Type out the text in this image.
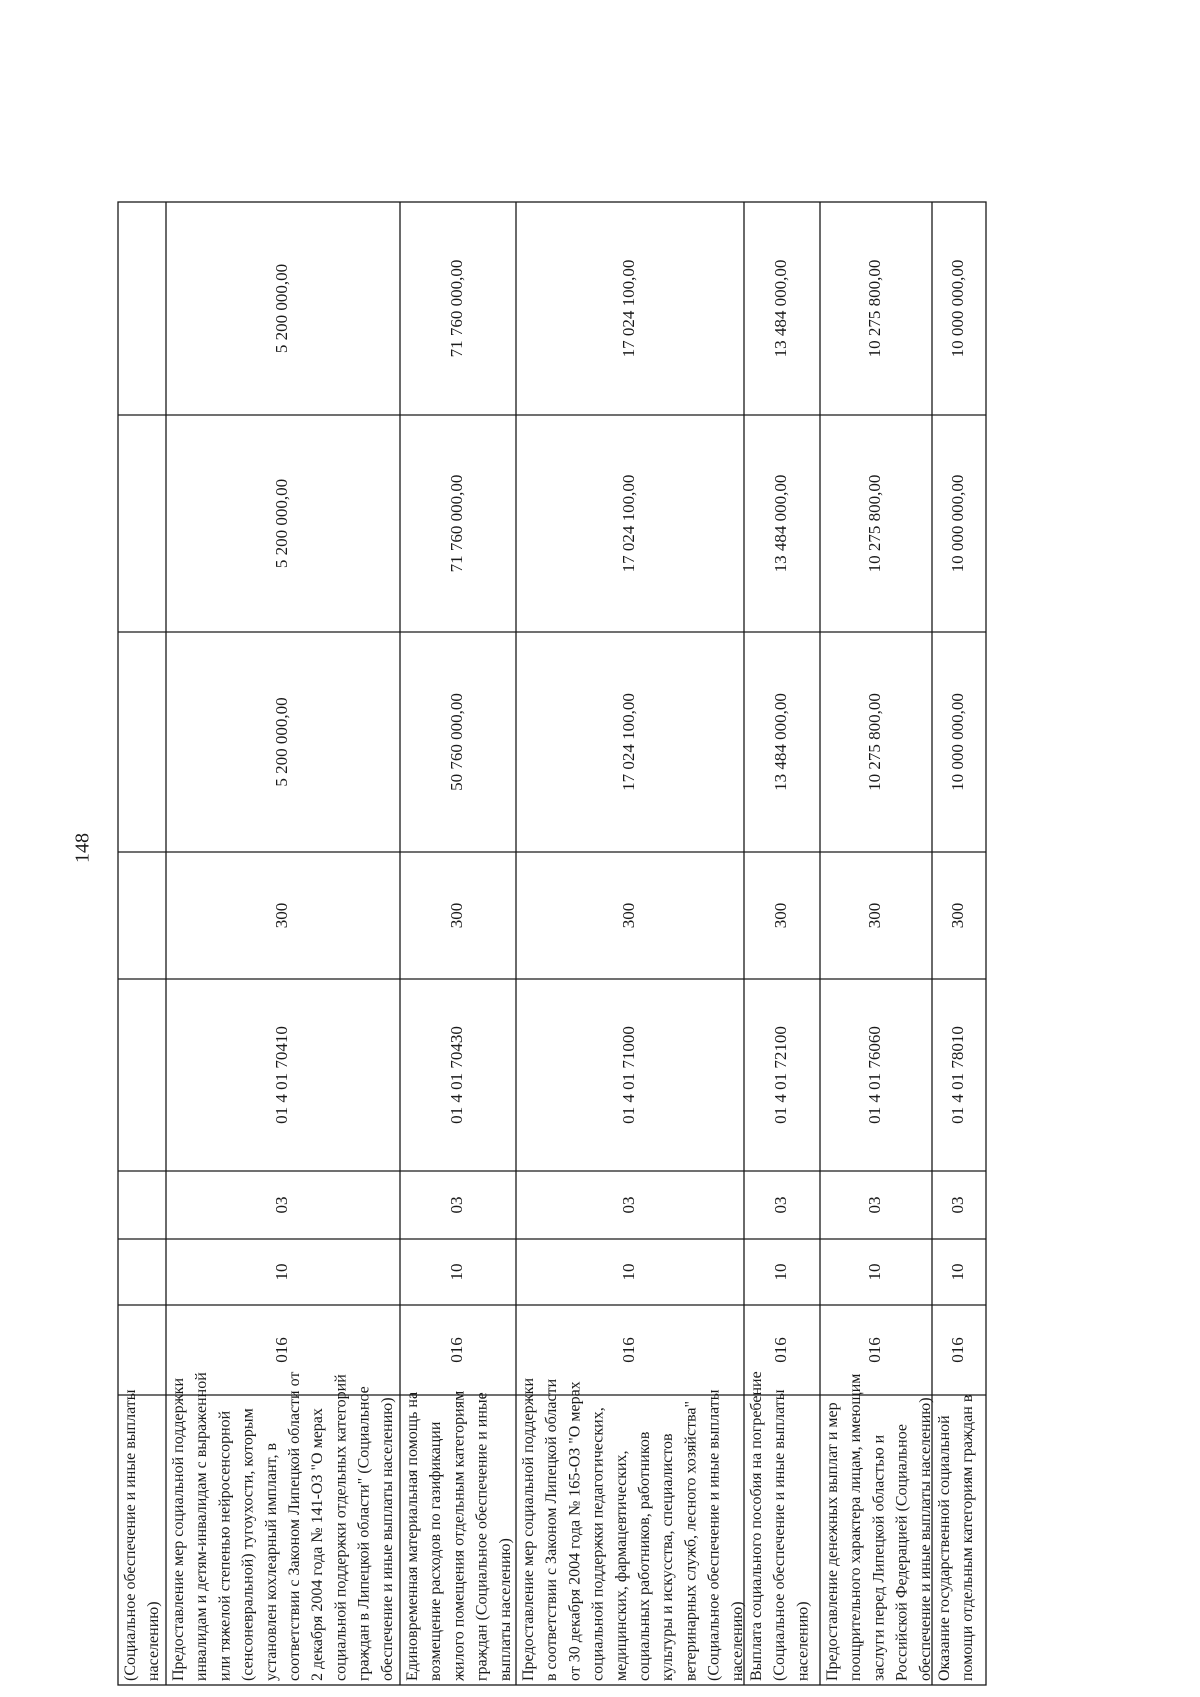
148
(Социальное обеспечение и иные выплаты населению) Предоставление мер социальной поддержки инвалидам и детям-инвалидам с выраженной или тяжелой степенью нейросенсорной (сенсоневральной) тугоухости, которым установлен кохлеарный имплант, в соответствии с Законом Липецкой области от 2 декабря 2004 года № 141-ОЗ "О мерах социальной поддержки отдельных категорий граждан в Липецкой области" (Социальное обеспечение и иные выплаты населению)
016
10
03
01 4 01 70410
300
5 200 000,00
5 200 000,00
5 200 000,00
Единовременная материальная помощь на возмещение расходов по газификации жилого помещения отдельным категориям граждан (Социальное обеспечение и иные выплаты населению)
016
10
03
01 4 01 70430
300
50 760 000,00
71 760 000,00
71 760 000,00
Предоставление мер социальной поддержки в соответствии с Законом Липецкой области от 30 декабря 2004 года № 165-ОЗ "О мерах социальной поддержки педагогических, медицинских, фармацевтических, социальных работников, работников культуры и искусства, специалистов ветеринарных служб, лесного хозяйства" (Социальное обеспечение и иные выплаты населению)
016
10
03
01 4 01 71000
300
17 024 100,00
17 024 100,00
17 024 100,00
Выплата социального пособия на погребение (Социальное обеспечение и иные выплаты населению)
016
10
03
01 4 01 72100
300
13 484 000,00
13 484 000,00
13 484 000,00
Предоставление денежных выплат и мер поощрительного характера лицам, имеющим заслуги перед Липецкой областью и Российской Федерацией (Социальное обеспечение и иные выплаты населению)
016
10
03
01 4 01 76060
300
10 275 800,00
10 275 800,00
10 275 800,00
Оказание государственной социальной помощи отдельным категориям граждан в
016
10
03
01 4 01 78010
300
10 000 000,00
10 000 000,00
10 000 000,00
